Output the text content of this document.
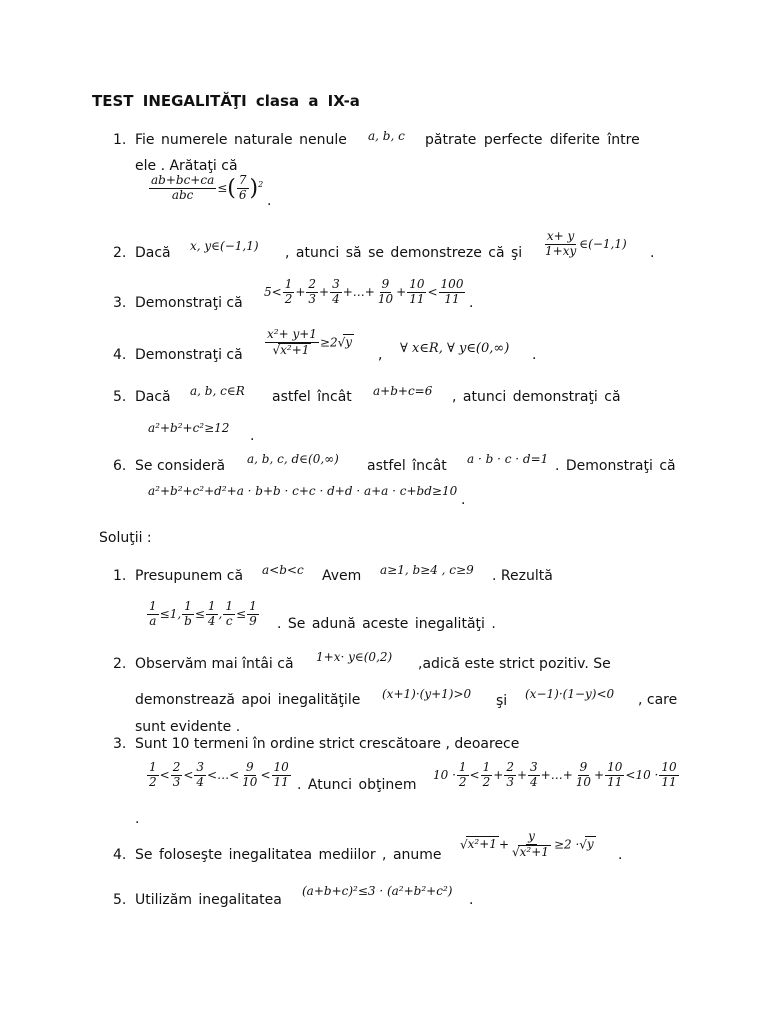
TEST INEGALITĂŢI clasa a IX-a
1. Fie numerele naturale nenule a, b, c pătrate perfecte diferite între
ele . Arătaţi că
$\frac{ab+bc+ca}{\text{abc}}$ ≤( $\frac{7}{6} )^2$
.
2. Dacă x, y∈(−1,1) , atunci să se demonstreze că şi $\frac{x+ y}{1+xy}$ ∈(−1,1)
.
3. Demonstraţi că
$5< \frac{1}{2} + \frac{2}{3} + \frac{3}{4}$ +…+ $\frac{9}{10} + \frac{10}{11} < \frac{100}{11}$ .
4. Demonstraţi că $\frac{\text{x²+ y+1}}{\text{√x²+1}} \ge 2√y$
, ∀ x∈R, ∀ y∈(0,∞) .
5. Dacă a, b, c∈R astfel încât a+b+c=6 , atunci demonstraţi că
a²+b²+c²≥12 .
6. Se consideră a, b, c, d∈(0,∞) astfel încât a · b · c · d=1 . Demonstraţi că
a²+b²+c²+d²+a · b+b · c+c · d+d · a+a · c+bd≥10
.
Soluţii :
1. Presupunem că a<b<c Avem a≥1, b≥4 , c≥9 . Rezultă
$\frac{1}{a} \le 1$, $\frac{1}{b} \le \frac{1}{4}$ , $\frac{1}{c} \le \frac{1}{9}$ . Se adună aceste inegalităţi .
2. Observăm mai întâi că 1+x· y∈(0,2) ,adică este strict pozitiv. Se
demonstrează apoi inegalităţile (x+1)·(y+1)>0 şi (x−1)·(1−y)<0 , care
sunt evidente .
3. Sunt 10 termeni în ordine strict crescătoare , deoarece
$\frac{1}{2} < \frac{2}{3} < \frac{3}{4}$ <…< $\frac{9}{10} < \frac{10}{11}$ . Atunci obţinem
$10 \cdot \frac{1}{2} < \frac{1}{2} + \frac{2}{3} + \frac{3}{4}$ +…+ $\frac{9}{10} + \frac{10}{11} <10 \cdot \frac{10}{11}$
.
4. Se foloseşte inegalitatea mediilor , anume
$√x^2+1 + \frac{y}{\text{√x²+1}} \ge 2 \cdot√y$
.
5. Utilizăm inegalitatea
(a+b+c)²≤3 · (a²+b²+c²)
.
